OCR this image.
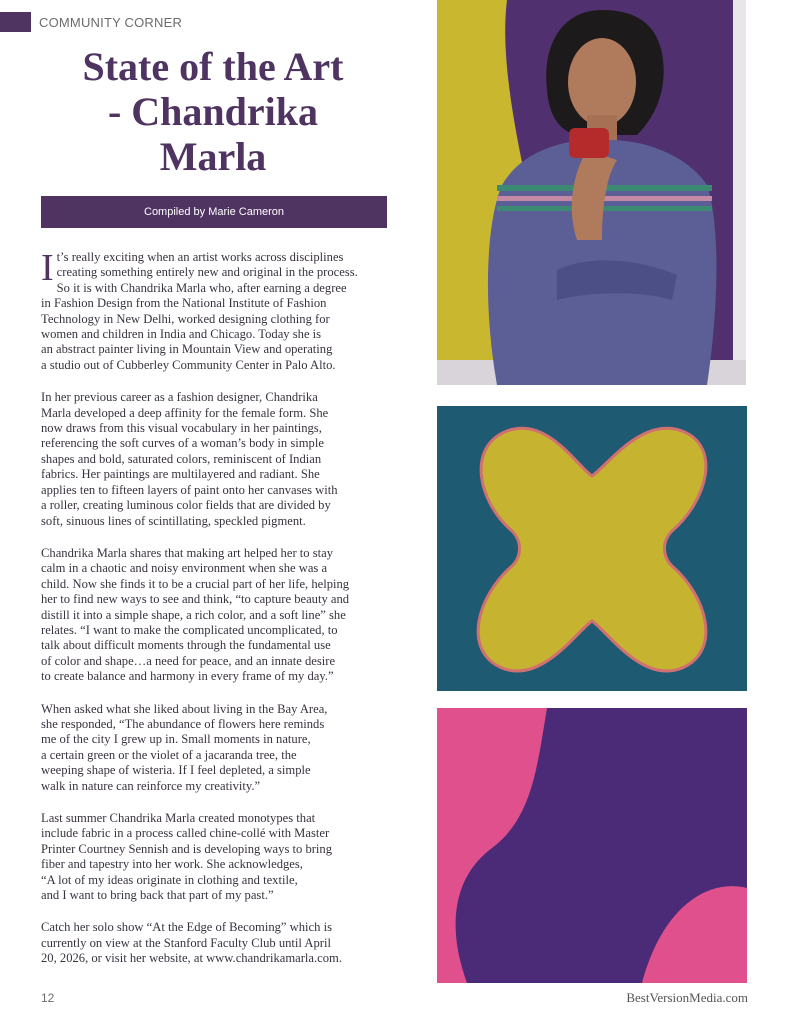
COMMUNITY CORNER
State of the Art
- Chandrika
Marla
Compiled by Marie Cameron

I t’s really exciting when an artist works across disciplines
creating something entirely new and original in the process.
So it is with Chandrika Marla who, after earning a degree
in Fashion Design from the National Institute of Fashion
Technology in New Delhi, worked designing clothing for
women and children in India and Chicago. Today she is
an abstract painter living in Mountain View and operating
a studio out of Cubberley Community Center in Palo Alto.

In her previous career as a fashion designer, Chandrika
Marla developed a deep affinity for the female form. She
now draws from this visual vocabulary in her paintings,
referencing the soft curves of a woman’s body in simple
shapes and bold, saturated colors, reminiscent of Indian
fabrics. Her paintings are multilayered and radiant. She
applies ten to fifteen layers of paint onto her canvases with
a roller, creating luminous color fields that are divided by
soft, sinuous lines of scintillating, speckled pigment.

Chandrika Marla shares that making art helped her to stay
calm in a chaotic and noisy environment when she was a
child. Now she finds it to be a crucial part of her life, helping
her to find new ways to see and think, “to capture beauty and
distill it into a simple shape, a rich color, and a soft line” she
relates. “I want to make the complicated uncomplicated, to
talk about difficult moments through the fundamental use
of color and shape…a need for peace, and an innate desire
to create balance and harmony in every frame of my day.”

When asked what she liked about living in the Bay Area,
she responded, “The abundance of flowers here reminds
me of the city I grew up in. Small moments in nature,
a certain green or the violet of a jacaranda tree, the
weeping shape of wisteria. If I feel depleted, a simple
walk in nature can reinforce my creativity.”

Last summer Chandrika Marla created monotypes that
include fabric in a process called chine-collé with Master
Printer Courtney Sennish and is developing ways to bring
fiber and tapestry into her work. She acknowledges,
“A lot of my ideas originate in clothing and textile,
and I want to bring back that part of my past.”

Catch her solo show “At the Edge of Becoming” which is
currently on view at the Stanford Faculty Club until April
20, 2026, or visit her website, at www.chandrikamarla.com.

12	BestVersionMedia.com
